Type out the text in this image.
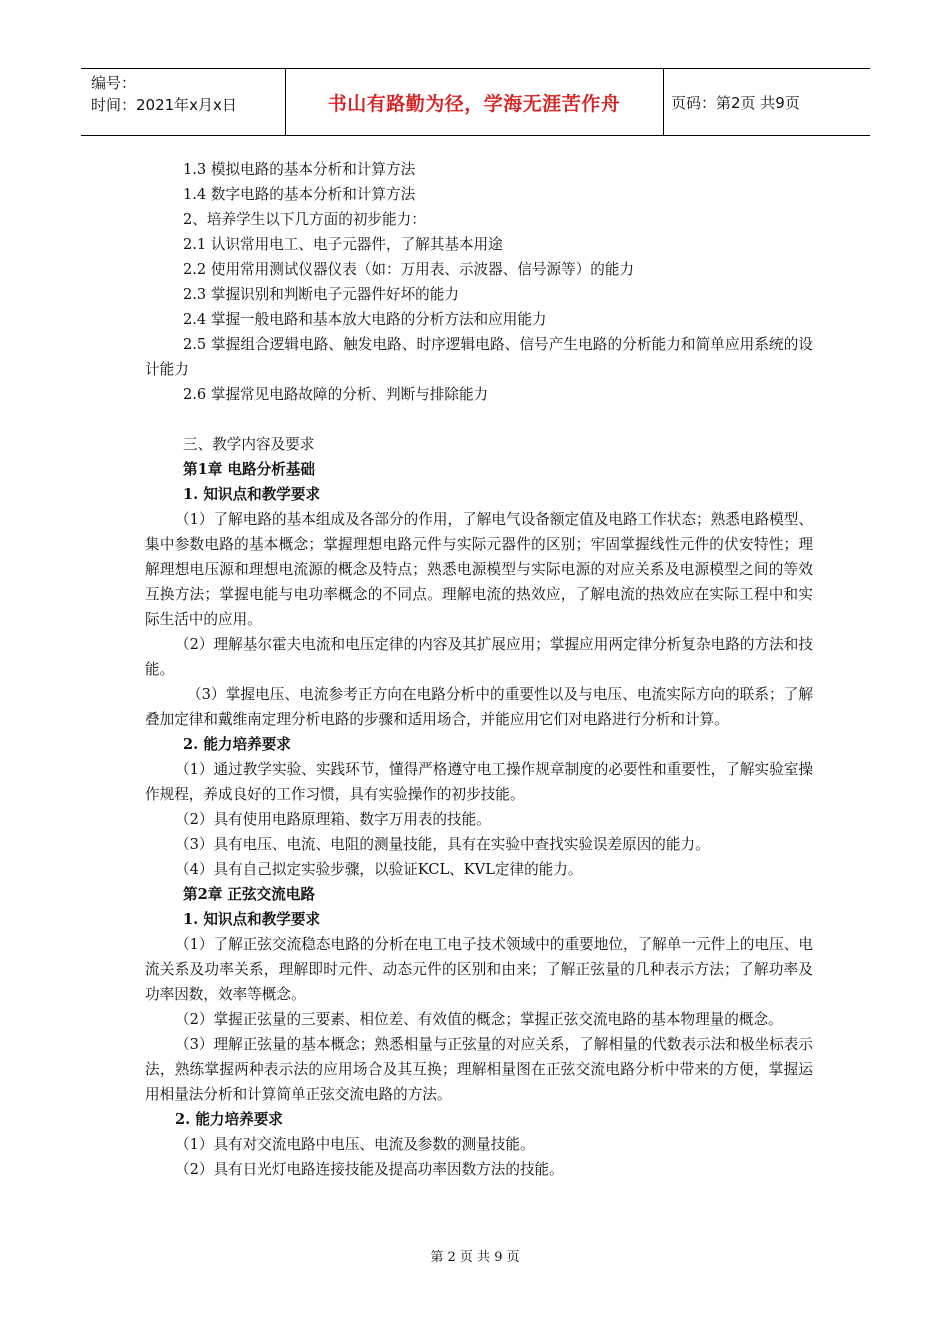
编号：
时间：2021年x月x日	书山有路勤为径，学海无涯苦作舟	页码：第2页 共9页

1.3 模拟电路的基本分析和计算方法

1.4 数字电路的基本分析和计算方法

2、培养学生以下几方面的初步能力：

2.1 认识常用电工、电子元器件，了解其基本用途

2.2 使用常用测试仪器仪表（如：万用表、示波器、信号源等）的能力

2.3 掌握识别和判断电子元器件好坏的能力

2.4 掌握一般电路和基本放大电路的分析方法和应用能力

2.5 掌握组合逻辑电路、触发电路、时序逻辑电路、信号产生电路的分析能力和简单应用系统的设计能力

2.6 掌握常见电路故障的分析、判断与排除能力

三、教学内容及要求

第1章 电路分析基础

1. 知识点和教学要求

（1）了解电路的基本组成及各部分的作用，了解电气设备额定值及电路工作状态；熟悉电路模型、集中参数电路的基本概念；掌握理想电路元件与实际元器件的区别；牢固掌握线性元件的伏安特性；理解理想电压源和理想电流源的概念及特点；熟悉电源模型与实际电源的对应关系及电源模型之间的等效互换方法；掌握电能与电功率概念的不同点。理解电流的热效应，了解电流的热效应在实际工程中和实际生活中的应用。

（2）理解基尔霍夫电流和电压定律的内容及其扩展应用；掌握应用两定律分析复杂电路的方法和技能。

（3）掌握电压、电流参考正方向在电路分析中的重要性以及与电压、电流实际方向的联系；了解叠加定律和戴维南定理分析电路的步骤和适用场合，并能应用它们对电路进行分析和计算。

2. 能力培养要求

（1）通过教学实验、实践环节，懂得严格遵守电工操作规章制度的必要性和重要性，了解实验室操作规程，养成良好的工作习惯，具有实验操作的初步技能。

（2）具有使用电路原理箱、数字万用表的技能。

（3）具有电压、电流、电阻的测量技能，具有在实验中查找实验误差原因的能力。

（4）具有自己拟定实验步骤，以验证KCL、KVL定律的能力。

第2章 正弦交流电路

1. 知识点和教学要求

（1）了解正弦交流稳态电路的分析在电工电子技术领域中的重要地位，了解单一元件上的电压、电流关系及功率关系，理解即时元件、动态元件的区别和由来；了解正弦量的几种表示方法；了解功率及功率因数，效率等概念。

（2）掌握正弦量的三要素、相位差、有效值的概念；掌握正弦交流电路的基本物理量的概念。

（3）理解正弦量的基本概念；熟悉相量与正弦量的对应关系，了解相量的代数表示法和极坐标表示法，熟练掌握两种表示法的应用场合及其互换；理解相量图在正弦交流电路分析中带来的方便，掌握运用相量法分析和计算简单正弦交流电路的方法。

2. 能力培养要求

（1）具有对交流电路中电压、电流及参数的测量技能。

（2）具有日光灯电路连接技能及提高功率因数方法的技能。

第 2 页 共 9 页
